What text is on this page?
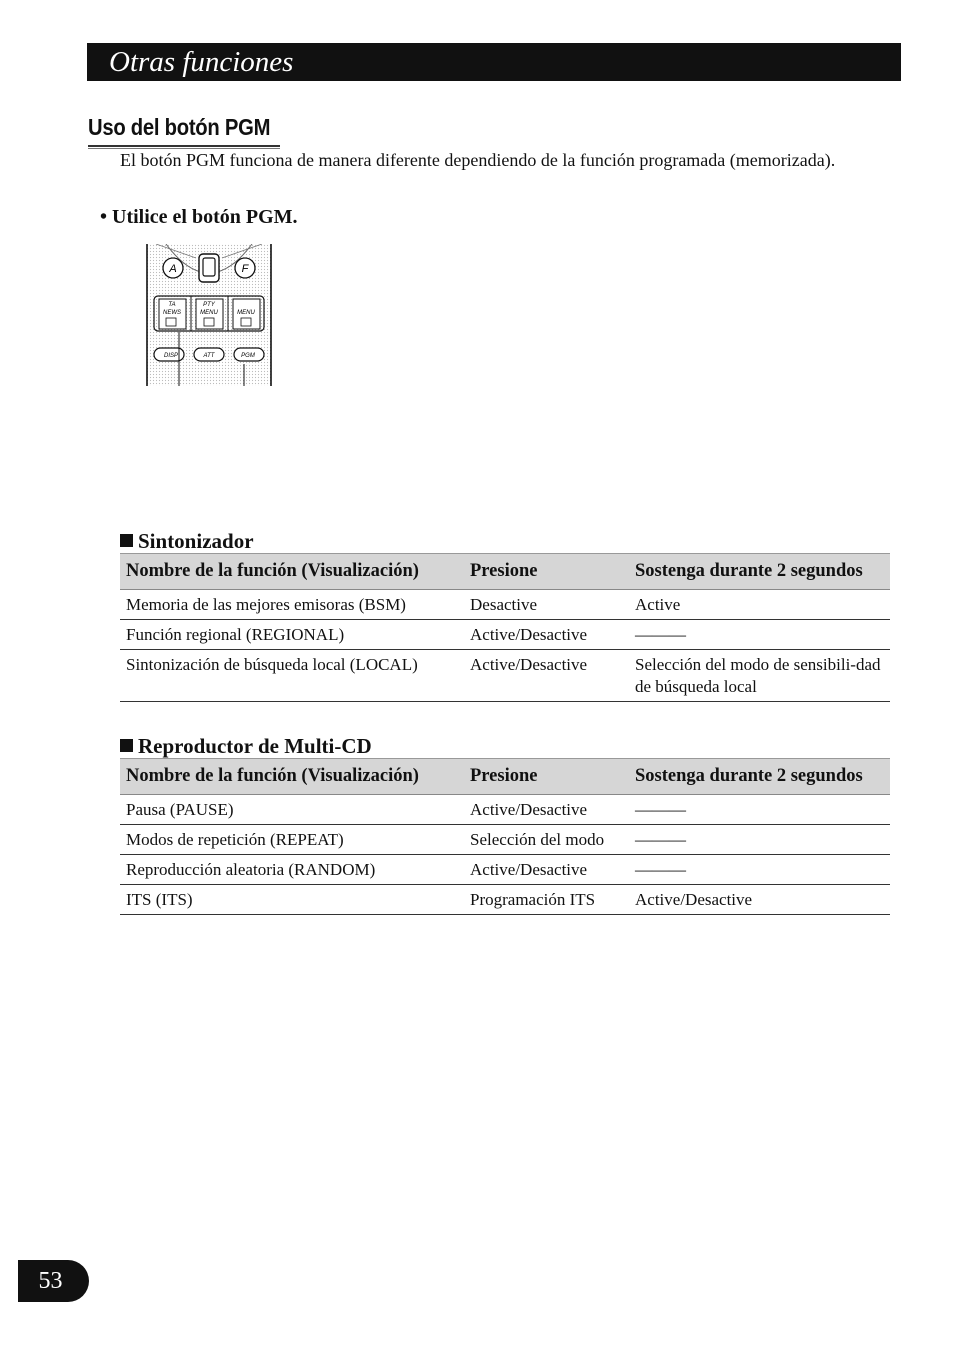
Otras funciones
Uso del botón PGM

El botón PGM funciona de manera diferente dependiendo de la función programada (memorizada).

• Utilice el botón PGM.

A	F
TA
NEWS
PTY
MENU	MENU
DISP	ATT	PGM
Sintonizador
Nombre de la función (Visualización)	Presione	Sostenga durante 2 segundos
Memoria de las mejores emisoras (BSM)	Desactive	Active
Función regional (REGIONAL)	Active/Desactive	———
Sintonización de búsqueda local (LOCAL)	Active/Desactive	Selección del modo de sensibili-dad de búsqueda local
Reproductor de Multi-CD
Nombre de la función (Visualización)	Presione	Sostenga durante 2 segundos
Pausa (PAUSE)	Active/Desactive	———
Modos de repetición (REPEAT)	Selección del modo	———
Reproducción aleatoria (RANDOM)	Active/Desactive	———
ITS (ITS)	Programación ITS	Active/Desactive
53
